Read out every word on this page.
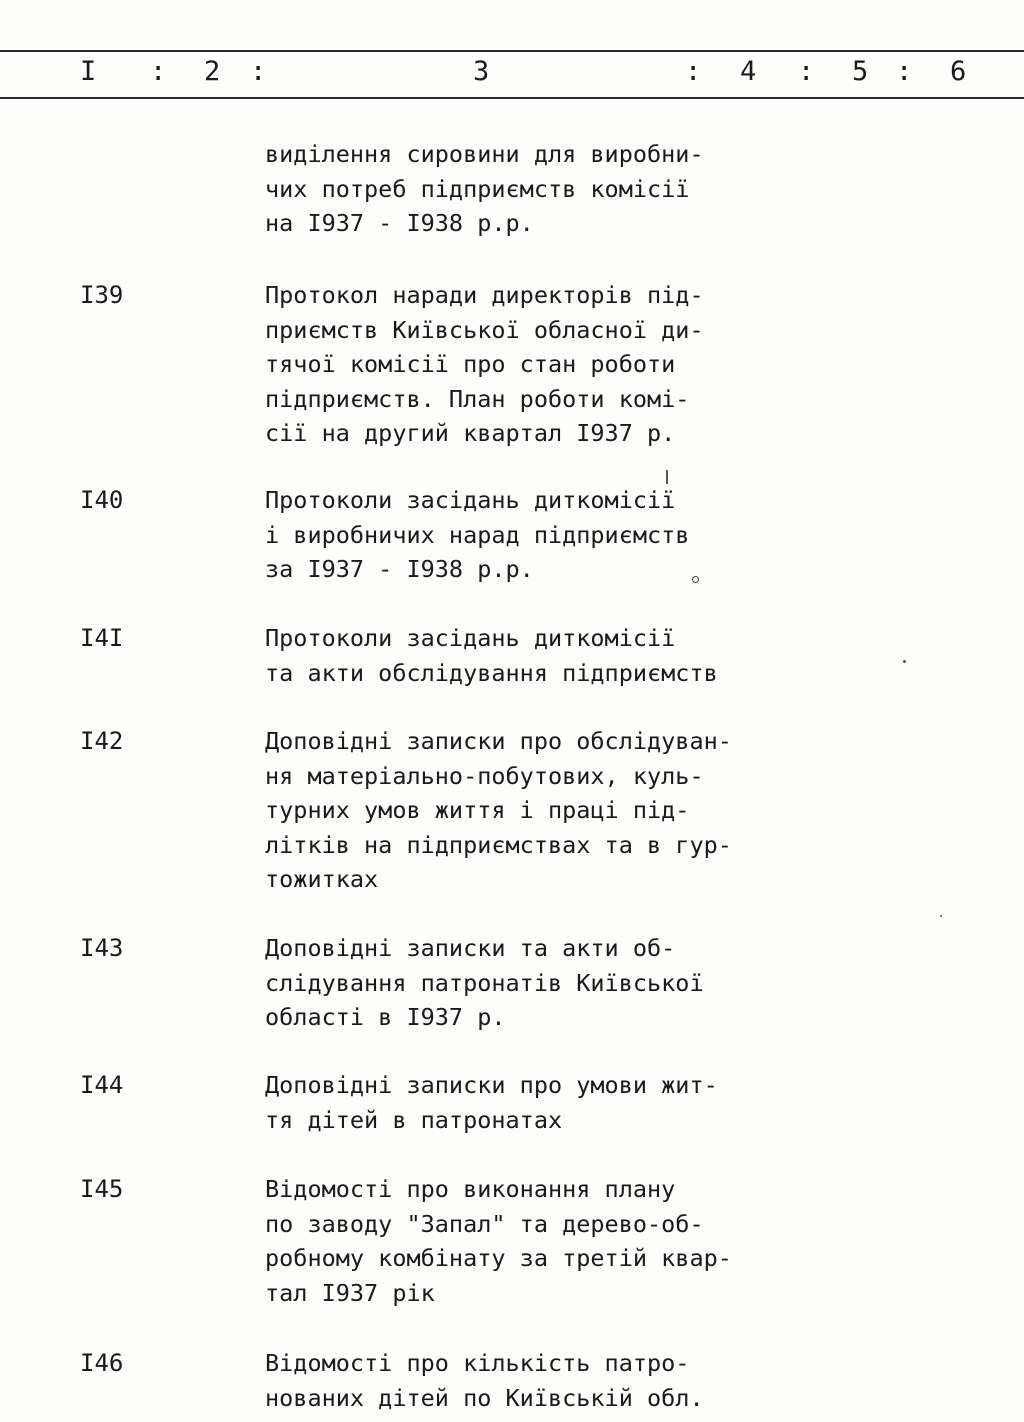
I : 2 :	3	: 4 : 5 : 6
виділення сировини для виробни-
чих потреб підприємств комісії
на І937 - І938 р.р.
І39	Протокол наради директорів під-
приємств Київської обласної ди-
тячої комісії про стан роботи
підприємств. План роботи комі-
сії на другий квартал І937 р.
І40	Протоколи засідань диткомісії
і виробничих нарад підприємств
за І937 - І938 р.р.
І4І	Протоколи засідань диткомісії
та акти обслідування підприємств
І42	Доповідні записки про обслідуван-
ня матеріально-побутових, куль-
турних умов життя і праці під-
літків на підприємствах та в гур-
тожитках
І43	Доповідні записки та акти об-
слідування патронатів Київської
області в І937 р.
І44	Доповідні записки про умови жит-
тя дітей в патронатах
І45	Відомості про виконання плану
по заводу "Запал" та дерево-об-
робному комбінату за третій квар-
тал І937 рік
І46	Відомості про кількість патро-
нованих дітей по Київській обл.
